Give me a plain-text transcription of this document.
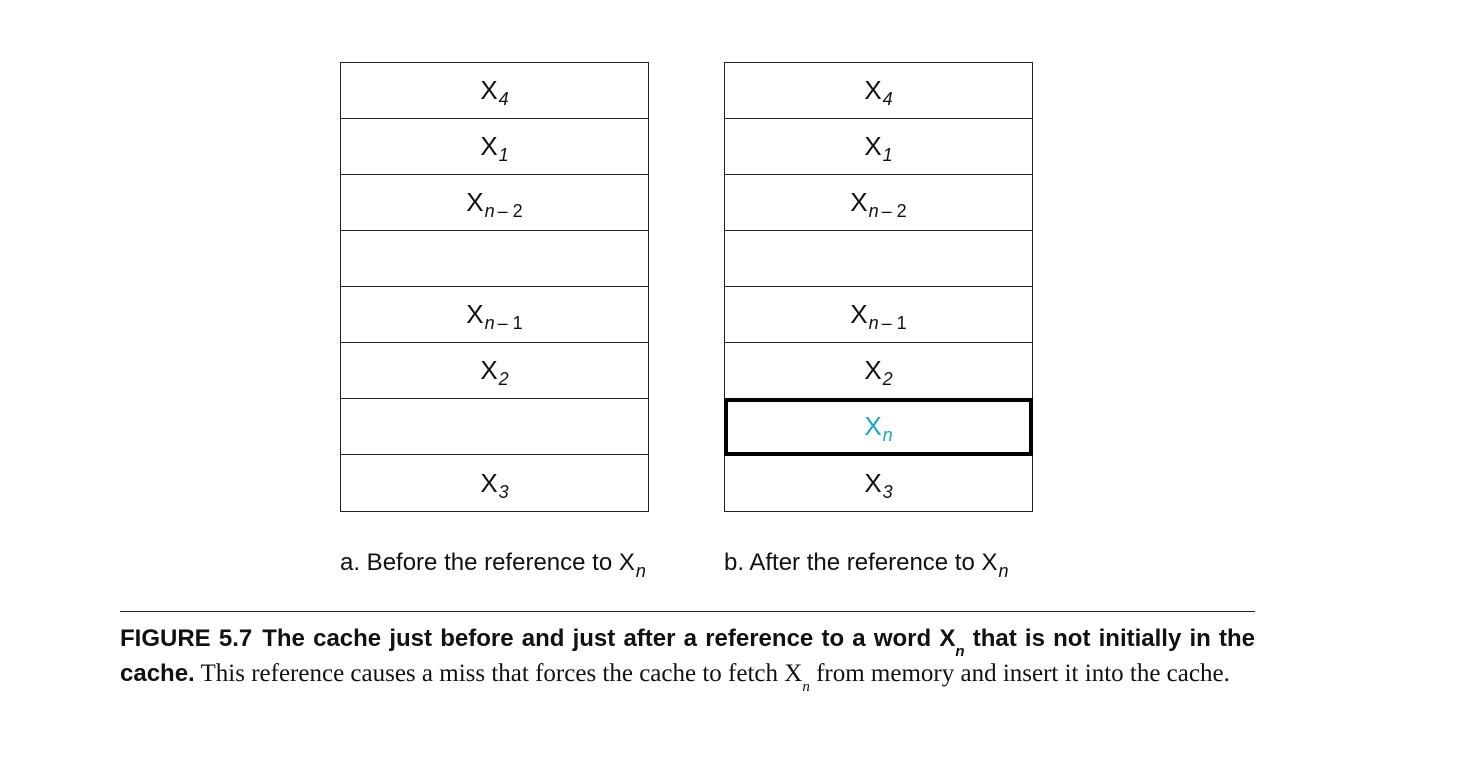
X 4
X 1
X n – 2
X n – 1
X 2
X 3
X 4
X 1
X n – 2
X n – 1
X 2
X n
X 3
a. Before the reference to $X_n$	b. After the reference to $X_n$
FIGURE 5.7 The cache just before and just after a reference to a word $X_n$ that is not initially in the cache. This reference causes a miss that forces the cache to fetch $X_n$ from memory and insert it into the cache.
